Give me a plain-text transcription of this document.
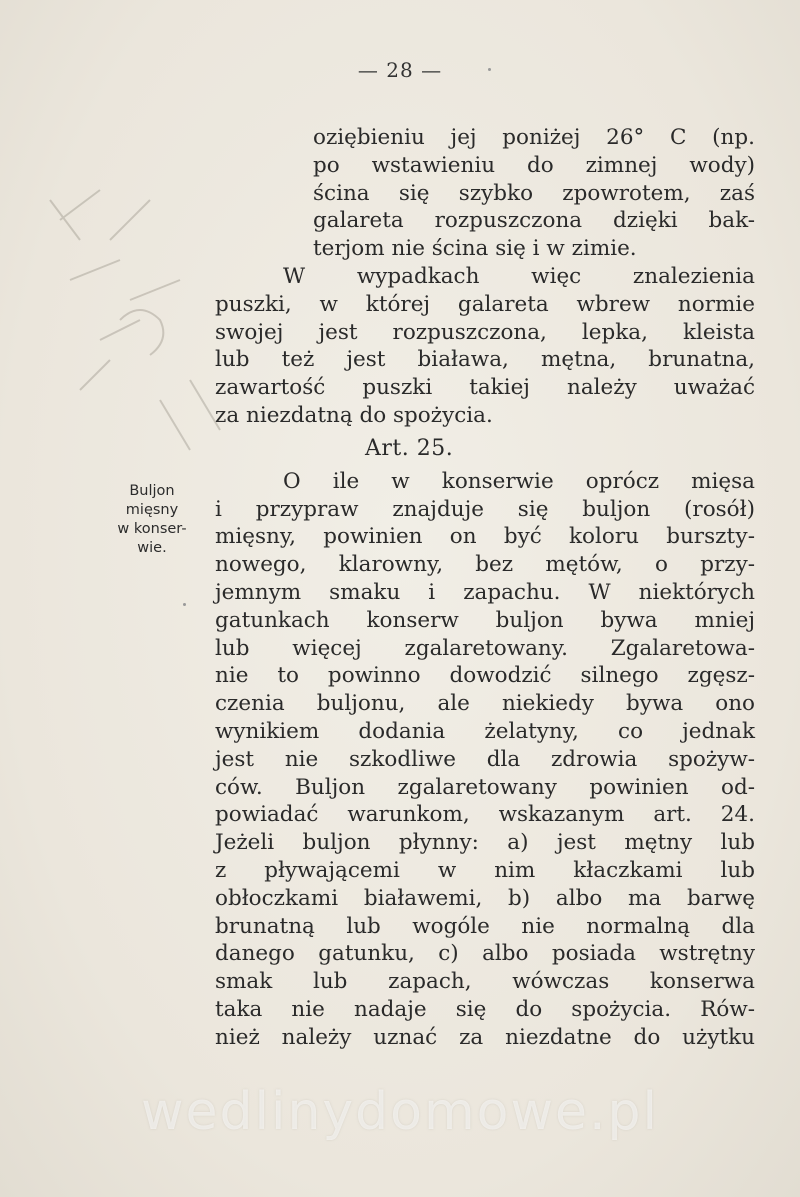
— 28 —
oziębieniu jej poniżej 26° C (np.
po wstawieniu do zimnej wody)
ścina się szybko zpowrotem, zaś
galareta rozpuszczona dzięki bak-
terjom nie ścina się i w zimie.
W wypadkach więc znalezienia
puszki, w której galareta wbrew normie
swojej jest rozpuszczona, lepka, kleista
lub też jest biaława, mętna, brunatna,
zawartość puszki takiej należy uważać
za niezdatną do spożycia.
Art. 25.
O ile w konserwie oprócz mięsa
i przypraw znajduje się buljon (rosół)
mięsny, powinien on być koloru bursztу-
nowego, klarowny, bez mętów, o przy-
jemnym smaku i zapachu. W niektórych
gatunkach konserw buljon bywa mniej
lub więcej zgalaretowany. Zgalaretowa-
nie to powinno dowodzić silnego zgęsz-
czenia buljonu, ale niekiedy bywa ono
wynikiem dodania żelatyny, co jednak
jest nie szkodliwe dla zdrowia spożyw-
ców. Buljon zgalaretowany powinien od-
powiadać warunkom, wskazanym art. 24.
Jeżeli buljon płynny: a) jest mętny lub
z pływającemi w nim kłaczkami lub
obłoczkami białawemi, b) albo ma barwę
brunatną lub wogóle nie normalną dla
danego gatunku, c) albo posiada wstrętny
smak lub zapach, wówczas konserwa
taka nie nadaje się do spożycia. Rów-
nież należy uznać za niezdatne do użytku
Buljon
mięsny
w konser-
wie.
wedlinydomowe.pl
